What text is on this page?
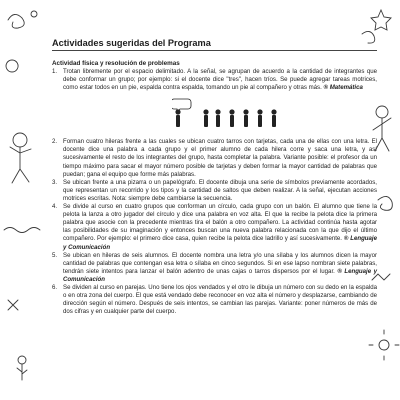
Actividades sugeridas del Programa
Actividad física y resolución de problemas
1. Trotan libremente por el espacio delimitado. A la señal, se agrupan de acuerdo a la cantidad de integrantes que debe conformar un grupo; por ejemplo: si el docente dice "tres", hacen tríos. Se puede agregar tareas motrices, como estar todos en un pie, espalda contra espalda, tomando un pie al compañero y otras más. ® Matemática
2. Forman cuatro hileras frente a las cuales se ubican cuatro tarros con tarjetas, cada una de ellas con una letra. El docente dice una palabra a cada grupo y el primer alumno de cada hilera corre y saca una letra, y así sucesivamente el resto de los integrantes del grupo, hasta completar la palabra. Variante posible: el profesor da un tiempo máximo para sacar el mayor número posible de tarjetas y deben formar la mayor cantidad de palabras que puedan; gana el equipo que forme más palabras.
3. Se ubican frente a una pizarra o un papelógrafo. El docente dibuja una serie de símbolos previamente acordados, que representan un recorrido y los tipos y la cantidad de saltos que deben realizar. A la señal, ejecutan acciones motrices escritas. Nota: siempre debe cambiarse la secuencia.
4. Se divide al curso en cuatro grupos que conforman un círculo, cada grupo con un balón. El alumno que tiene la pelota la lanza a otro jugador del círculo y dice una palabra en voz alta. El que la recibe la pelota dice la primera palabra que asocie con la precedente mientras tira el balón a otro compañero. La actividad continúa hasta agotar las posibilidades de su imaginación y entonces buscan una nueva palabra relacionada con la que dijo el último compañero. Por ejemplo: el primero dice casa, quien recibe la pelota dice ladrillo y así sucesivamente. ® Lenguaje y Comunicación
5. Se ubican en hileras de seis alumnos. El docente nombra una letra y/o una sílaba y los alumnos dicen la mayor cantidad de palabras que contengan esa letra o sílaba en cinco segundos. Si en ese lapso nombran siete palabras, tendrán siete intentos para lanzar el balón adentro de unas cajas o tarros dispersos por el lugar. ® Lenguaje y Comunicación
6. Se dividen al curso en parejas. Uno tiene los ojos vendados y el otro le dibuja un número con su dedo en la espalda o en otra zona del cuerpo. El que está vendado debe reconocer en voz alta el número y desplazarse, cambiando de dirección según el número. Después de seis intentos, se cambian las parejas. Variante: poner números de más de dos cifras y en cualquier parte del cuerpo.
